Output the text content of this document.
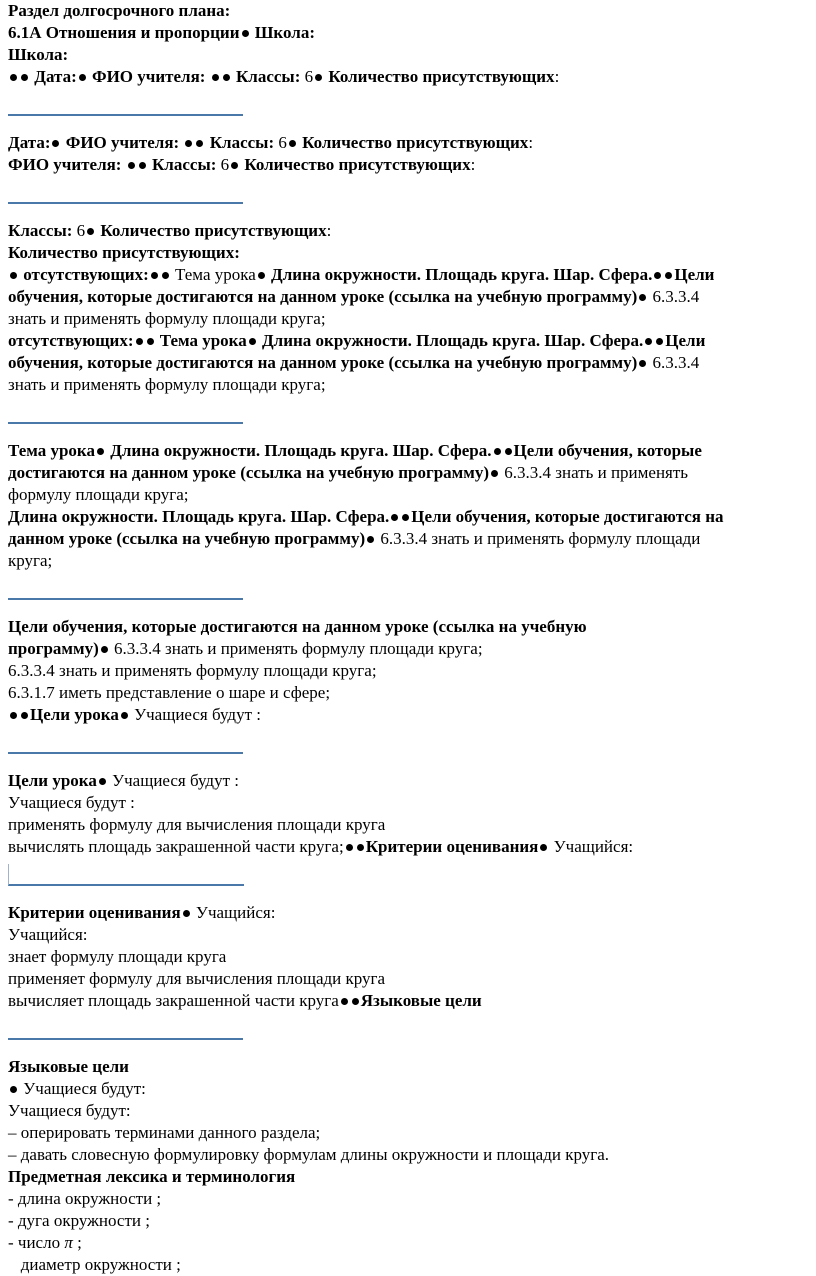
Раздел долгосрочного плана:
6.1А Отношения и пропорции Школа:
Школа:
Дата: ФИО учителя:  Классы: 6 Количество присутствующих:
Дата: ФИО учителя:  Классы: 6 Количество присутствующих:
ФИО учителя:  Классы: 6 Количество присутствующих:
Классы: 6 Количество присутствующих:
Количество присутствующих:
отсутствующих: Тема урока Длина окружности. Площадь круга. Шар. Сфера. Цели
обучения, которые достигаются на данном уроке (ссылка на учебную программу) 6.3.3.4
знать и применять формулу площади круга;
отсутствующих: Тема урока Длина окружности. Площадь круга. Шар. Сфера. Цели
обучения, которые достигаются на данном уроке (ссылка на учебную программу) 6.3.3.4
знать и применять формулу площади круга;
Тема урока Длина окружности. Площадь круга. Шар. Сфера. Цели обучения, которые
достигаются на данном уроке (ссылка на учебную программу) 6.3.3.4 знать и применять
формулу площади круга;
Длина окружности. Площадь круга. Шар. Сфера. Цели обучения, которые достигаются на
данном уроке (ссылка на учебную программу) 6.3.3.4 знать и применять формулу площади
круга;
Цели обучения, которые достигаются на данном уроке (ссылка на учебную
программу) 6.3.3.4 знать и применять формулу площади круга;
6.3.3.4 знать и применять формулу площади круга;
6.3.1.7 иметь представление о шаре и сфере;
Цели урока Учащиеся будут :
Цели урока Учащиеся будут :
Учащиеся будут :
применять формулу для вычисления площади круга
вычислять площадь закрашенной части круга; Критерии оценивания Учащийся:
Критерии оценивания Учащийся:
Учащийся:
знает формулу площади круга
применяет формулу для вычисления площади круга
вычисляет площадь закрашенной части круга Языковые цели
Языковые цели
Учащиеся будут:
Учащиеся будут:
– оперировать терминами данного раздела;
– давать словесную формулировку формулам длины окружности и площади круга.
Предметная лексика и терминология
- длина окружности ;
- дуга окружности ;
- число π ;
диаметр окружности ;
